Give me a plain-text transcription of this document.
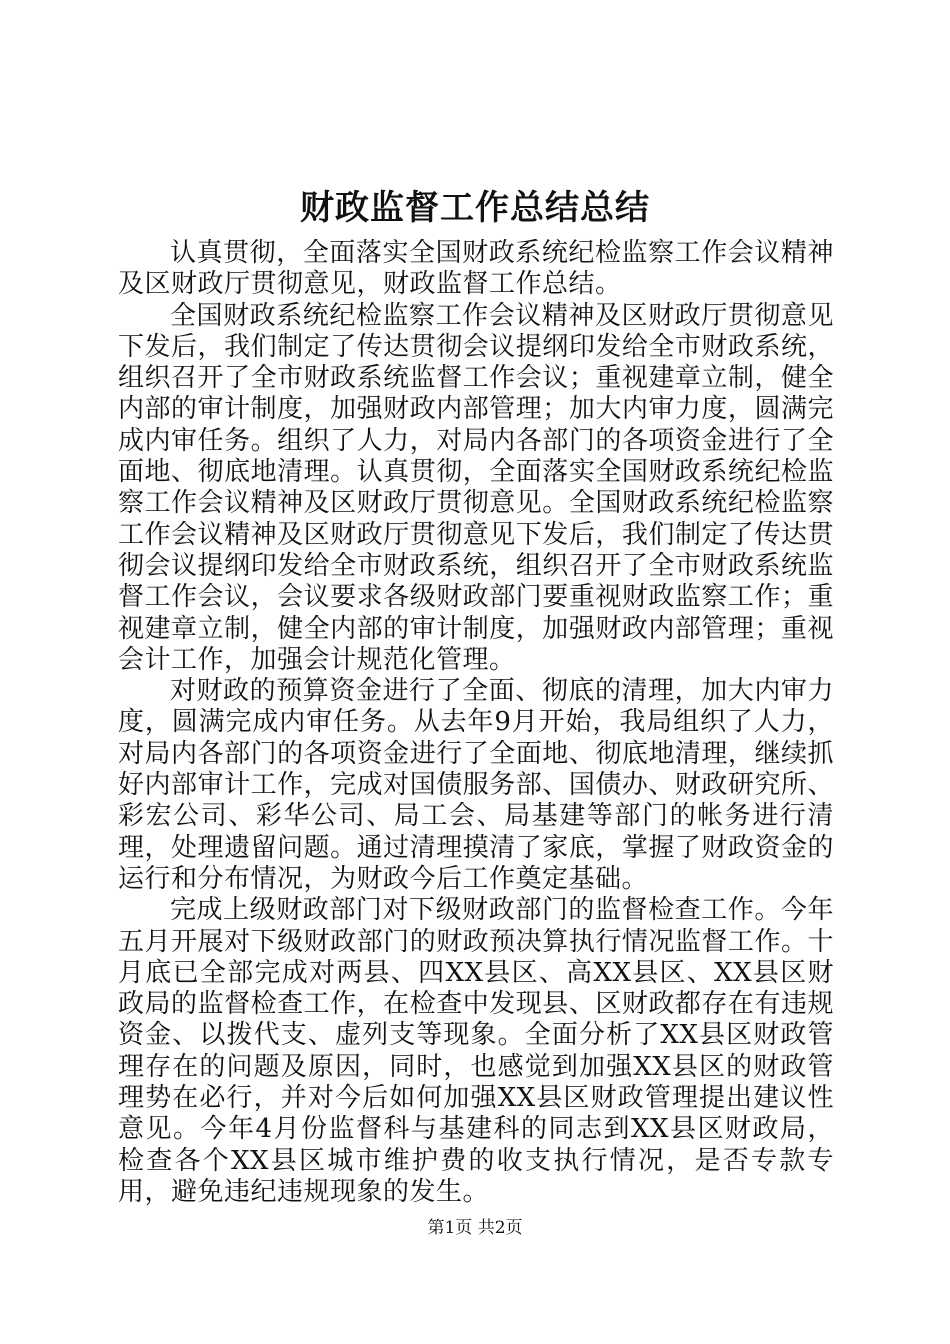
财政监督工作总结总结

认真贯彻，全面落实全国财政系统纪检监察工作会议精神及区财政厅贯彻意见，财政监督工作总结。

全国财政系统纪检监察工作会议精神及区财政厅贯彻意见下发后，我们制定了传达贯彻会议提纲印发给全市财政系统，组织召开了全市财政系统监督工作会议；重视建章立制，健全内部的审计制度，加强财政内部管理；加大内审力度，圆满完成内审任务。组织了人力，对局内各部门的各项资金进行了全面地、彻底地清理。认真贯彻，全面落实全国财政系统纪检监察工作会议精神及区财政厅贯彻意见。全国财政系统纪检监察工作会议精神及区财政厅贯彻意见下发后，我们制定了传达贯彻会议提纲印发给全市财政系统，组织召开了全市财政系统监督工作会议，会议要求各级财政部门要重视财政监察工作；重视建章立制，健全内部的审计制度，加强财政内部管理；重视会计工作，加强会计规范化管理。

对财政的预算资金进行了全面、彻底的清理，加大内审力度，圆满完成内审任务。从去年9月开始，我局组织了人力，对局内各部门的各项资金进行了全面地、彻底地清理，继续抓好内部审计工作，完成对国债服务部、国债办、财政研究所、彩宏公司、彩华公司、局工会、局基建等部门的帐务进行清理，处理遗留问题。通过清理摸清了家底，掌握了财政资金的运行和分布情况，为财政今后工作奠定基础。

完成上级财政部门对下级财政部门的监督检查工作。今年五月开展对下级财政部门的财政预决算执行情况监督工作。十月底已全部完成对两县、四XX县区、高XX县区、XX县区财政局的监督检查工作，在检查中发现县、区财政都存在有违规资金、以拨代支、虚列支等现象。全面分析了XX县区财政管理存在的问题及原因，同时，也感觉到加强XX县区的财政管理势在必行，并对今后如何加强XX县区财政管理提出建议性意见。今年4月份监督科与基建科的同志到XX县区财政局，检查各个XX县区城市维护费的收支执行情况，是否专款专用，避免违纪违规现象的发生。

第1页 共2页
